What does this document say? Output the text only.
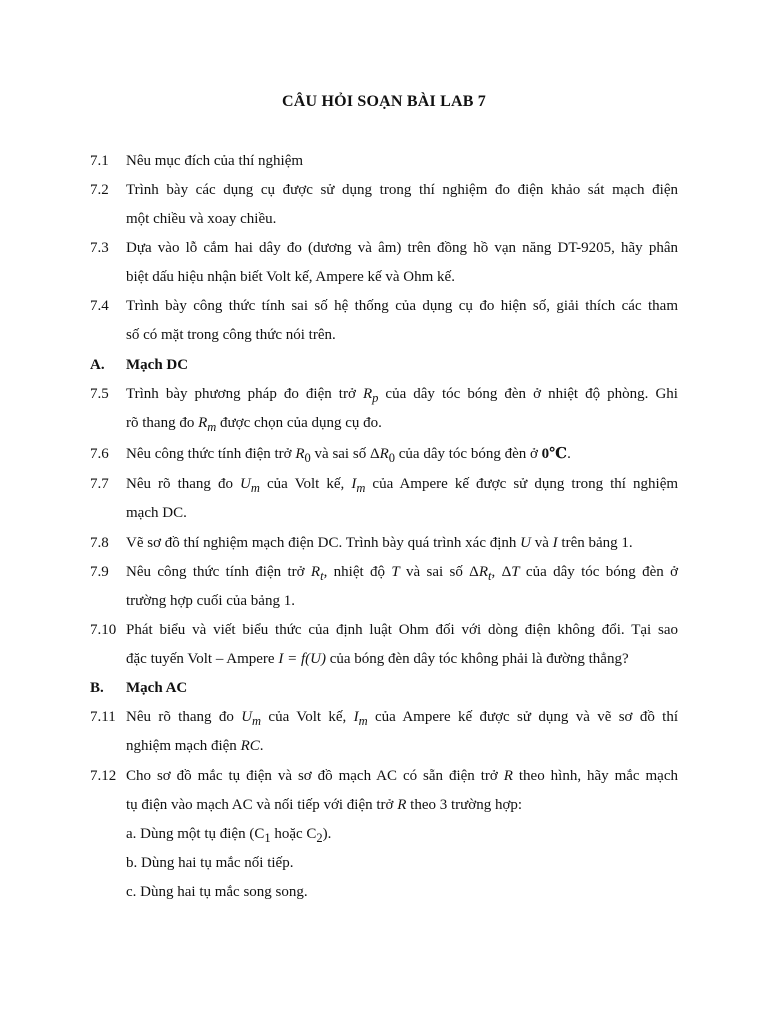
CÂU HỎI SOẠN BÀI LAB 7
7.1	Nêu mục đích của thí nghiệm
7.2	Trình bày các dụng cụ được sử dụng trong thí nghiệm đo điện khảo sát mạch điện
một chiều và xoay chiều.
7.3	Dựa vào lỗ cắm hai dây đo (dương và âm) trên đồng hồ vạn năng DT-9205, hãy phân
biệt dấu hiệu nhận biết Volt kế, Ampere kế và Ohm kế.
7.4	Trình bày công thức tính sai số hệ thống của dụng cụ đo hiện số, giải thích các tham
số có mặt trong công thức nói trên.
A.	Mạch DC
7.5	Trình bày phương pháp đo điện trở $R_p$ của dây tóc bóng đèn ở nhiệt độ phòng. Ghi
rõ thang đo $R_m$ được chọn của dụng cụ đo.
7.6	Nêu công thức tính điện trở $R_0$ và sai số $\Delta R_0$ của dây tóc bóng đèn ở 0℃.
7.7	Nêu rõ thang đo $U_m$ của Volt kế, $I_m$ của Ampere kế được sử dụng trong thí nghiệm
mạch DC.
7.8	Vẽ sơ đồ thí nghiệm mạch điện DC. Trình bày quá trình xác định U và I trên bảng 1.
7.9	Nêu công thức tính điện trở $R_t$, nhiệt độ T và sai số $\Delta R_t$, ΔT của dây tóc bóng đèn ở
trường hợp cuối của bảng 1.
7.10 Phát biểu và viết biểu thức của định luật Ohm đối với dòng điện không đổi. Tại sao
đặc tuyến Volt – Ampere I = f(U) của bóng đèn dây tóc không phải là đường thẳng?
B.	Mạch AC
7.11 Nêu rõ thang đo $U_m$ của Volt kế, $I_m$ của Ampere kế được sử dụng và vẽ sơ đồ thí
nghiệm mạch điện RC.
7.12 Cho sơ đồ mắc tụ điện và sơ đồ mạch AC có sẵn điện trở R theo hình, hãy mắc mạch
tụ điện vào mạch AC và nối tiếp với điện trở R theo 3 trường hợp:
a. Dùng một tụ điện ($C_1$ hoặc $C_2$).
b. Dùng hai tụ mắc nối tiếp.
c. Dùng hai tụ mắc song song.
